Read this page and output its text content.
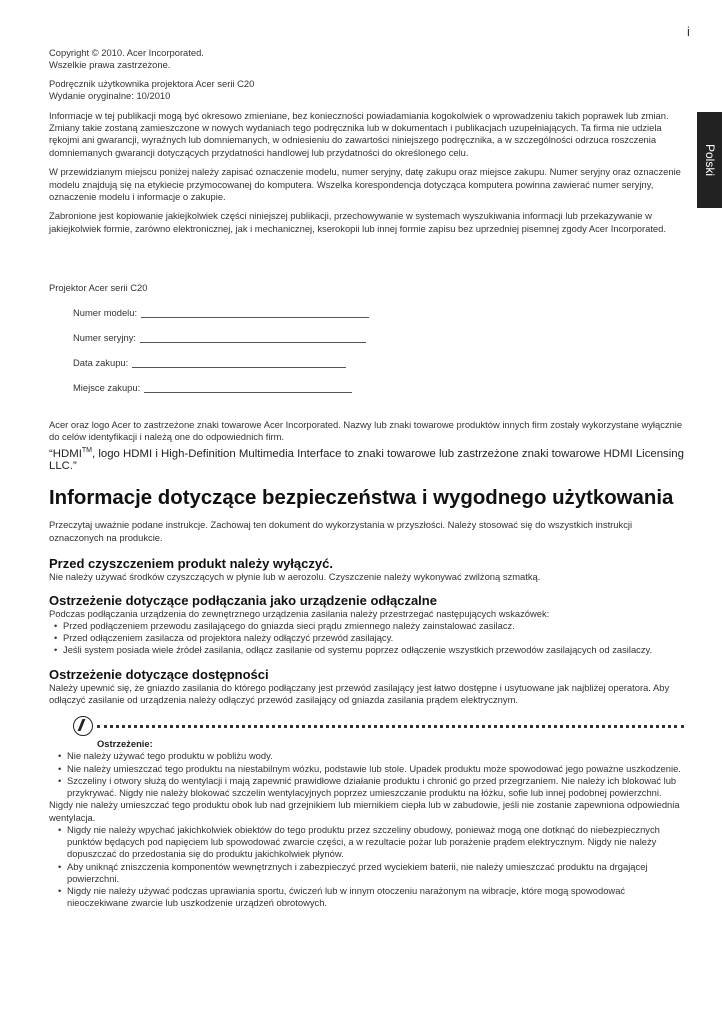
i
Polski
Copyright © 2010. Acer Incorporated.
Wszelkie prawa zastrzeżone.
Podręcznik użytkownika projektora Acer serii C20
Wydanie oryginalne: 10/2010
Informacje w tej publikacji mogą być okresowo zmieniane, bez konieczności powiadamiania kogokolwiek o wprowadzeniu takich poprawek lub zmian. Zmiany takie zostaną zamieszczone w nowych wydaniach tego podręcznika lub w dokumentach i publikacjach uzupełniających. Ta firma nie udziela rękojmi ani gwarancji, wyraźnych lub domniemanych, w odniesieniu do zawartości niniejszego podręcznika, a w szczególności odrzuca roszczenia domniemanych gwarancji dotyczących przydatności handlowej lub przydatności do określonego celu.
W przewidzianym miejscu poniżej należy zapisać oznaczenie modelu, numer seryjny, datę zakupu oraz miejsce zakupu. Numer seryjny oraz oznaczenie modelu znajdują się na etykiecie przymocowanej do komputera. Wszelka korespondencja dotycząca komputera powinna zawierać numer seryjny, oznaczenie modelu i informacje o zakupie.
Zabronione jest kopiowanie jakiejkolwiek części niniejszej publikacji, przechowywanie w systemach wyszukiwania informacji lub przekazywanie w jakiejkolwiek formie, zarówno elektronicznej, jak i mechanicznej, kserokopii lub innej formie zapisu bez uprzedniej pisemnej zgody Acer Incorporated.
Projektor Acer serii C20
Numer modelu:
Numer seryjny:
Data zakupu:
Miejsce zakupu:
Acer oraz logo Acer to zastrzeżone znaki towarowe Acer Incorporated. Nazwy lub znaki towarowe produktów innych firm zostały wykorzystane wyłącznie do celów identyfikacji i należą one do odpowiednich firm.
“HDMI™, logo HDMI i High-Definition Multimedia Interface to znaki towarowe lub zastrzeżone znaki towarowe HDMI Licensing LLC.”
Informacje dotyczące bezpieczeństwa i wygodnego użytkowania
Przeczytaj uważnie podane instrukcje. Zachowaj ten dokument do wykorzystania w przyszłości. Należy stosować się do wszystkich instrukcji oznaczonych na produkcie.
Przed czyszczeniem produkt należy wyłączyć.
Nie należy używać środków czyszczących w płynie lub w aerozolu. Czyszczenie należy wykonywać zwilżoną szmatką.
Ostrzeżenie dotyczące podłączania jako urządzenie odłączalne
Podczas podłączania urządzenia do zewnętrznego urządzenia zasilania należy przestrzegać następujących wskazówek:
• Przed podłączeniem przewodu zasilającego do gniazda sieci prądu zmiennego należy zainstalować zasilacz.
• Przed odłączeniem zasilacza od projektora należy odłączyć przewód zasilający.
• Jeśli system posiada wiele źródeł zasilania, odłącz zasilanie od systemu poprzez odłączenie wszystkich przewodów zasilających od zasilaczy.
Ostrzeżenie dotyczące dostępności
Należy upewnić się, że gniazdo zasilania do którego podłączany jest przewód zasilający jest łatwo dostępne i usytuowane jak najbliżej operatora. Aby odłączyć zasilanie od urządzenia należy odłączyć przewód zasilający od gniazda zasilania prądem elektrycznym.
Ostrzeżenie:
• Nie należy używać tego produktu w pobliżu wody.
• Nie należy umieszczać tego produktu na niestabilnym wózku, podstawie lub stole. Upadek produktu może spowodować jego poważne uszkodzenie.
• Szczeliny i otwory służą do wentylacji i mają zapewnić prawidłowe działanie produktu i chronić go przed przegrzaniem. Nie należy ich blokować lub przykrywać. Nigdy nie należy blokować szczelin wentylacyjnych poprzez umieszczanie produktu na łóżku, sofie lub innej podobnej powierzchni.
Nigdy nie należy umieszczać tego produktu obok lub nad grzejnikiem lub miernikiem ciepła lub w zabudowie, jeśli nie zostanie zapewniona odpowiednia wentylacja.
• Nigdy nie należy wpychać jakichkolwiek obiektów do tego produktu przez szczeliny obudowy, ponieważ mogą one dotknąć do niebezpiecznych punktów będących pod napięciem lub spowodować zwarcie części, a w rezultacie pożar lub porażenie prądem elektrycznym. Nigdy nie należy dopuszczać do przedostania się do produktu jakichkolwiek płynów.
• Aby uniknąć zniszczenia komponentów wewnętrznych i zabezpieczyć przed wyciekiem baterii, nie należy umieszczać produktu na drgającej powierzchni.
• Nigdy nie należy używać podczas uprawiania sportu, ćwiczeń lub w innym otoczeniu narażonym na wibracje, które mogą spowodować nieoczekiwane zwarcie lub uszkodzenie urządzeń obrotowych.
